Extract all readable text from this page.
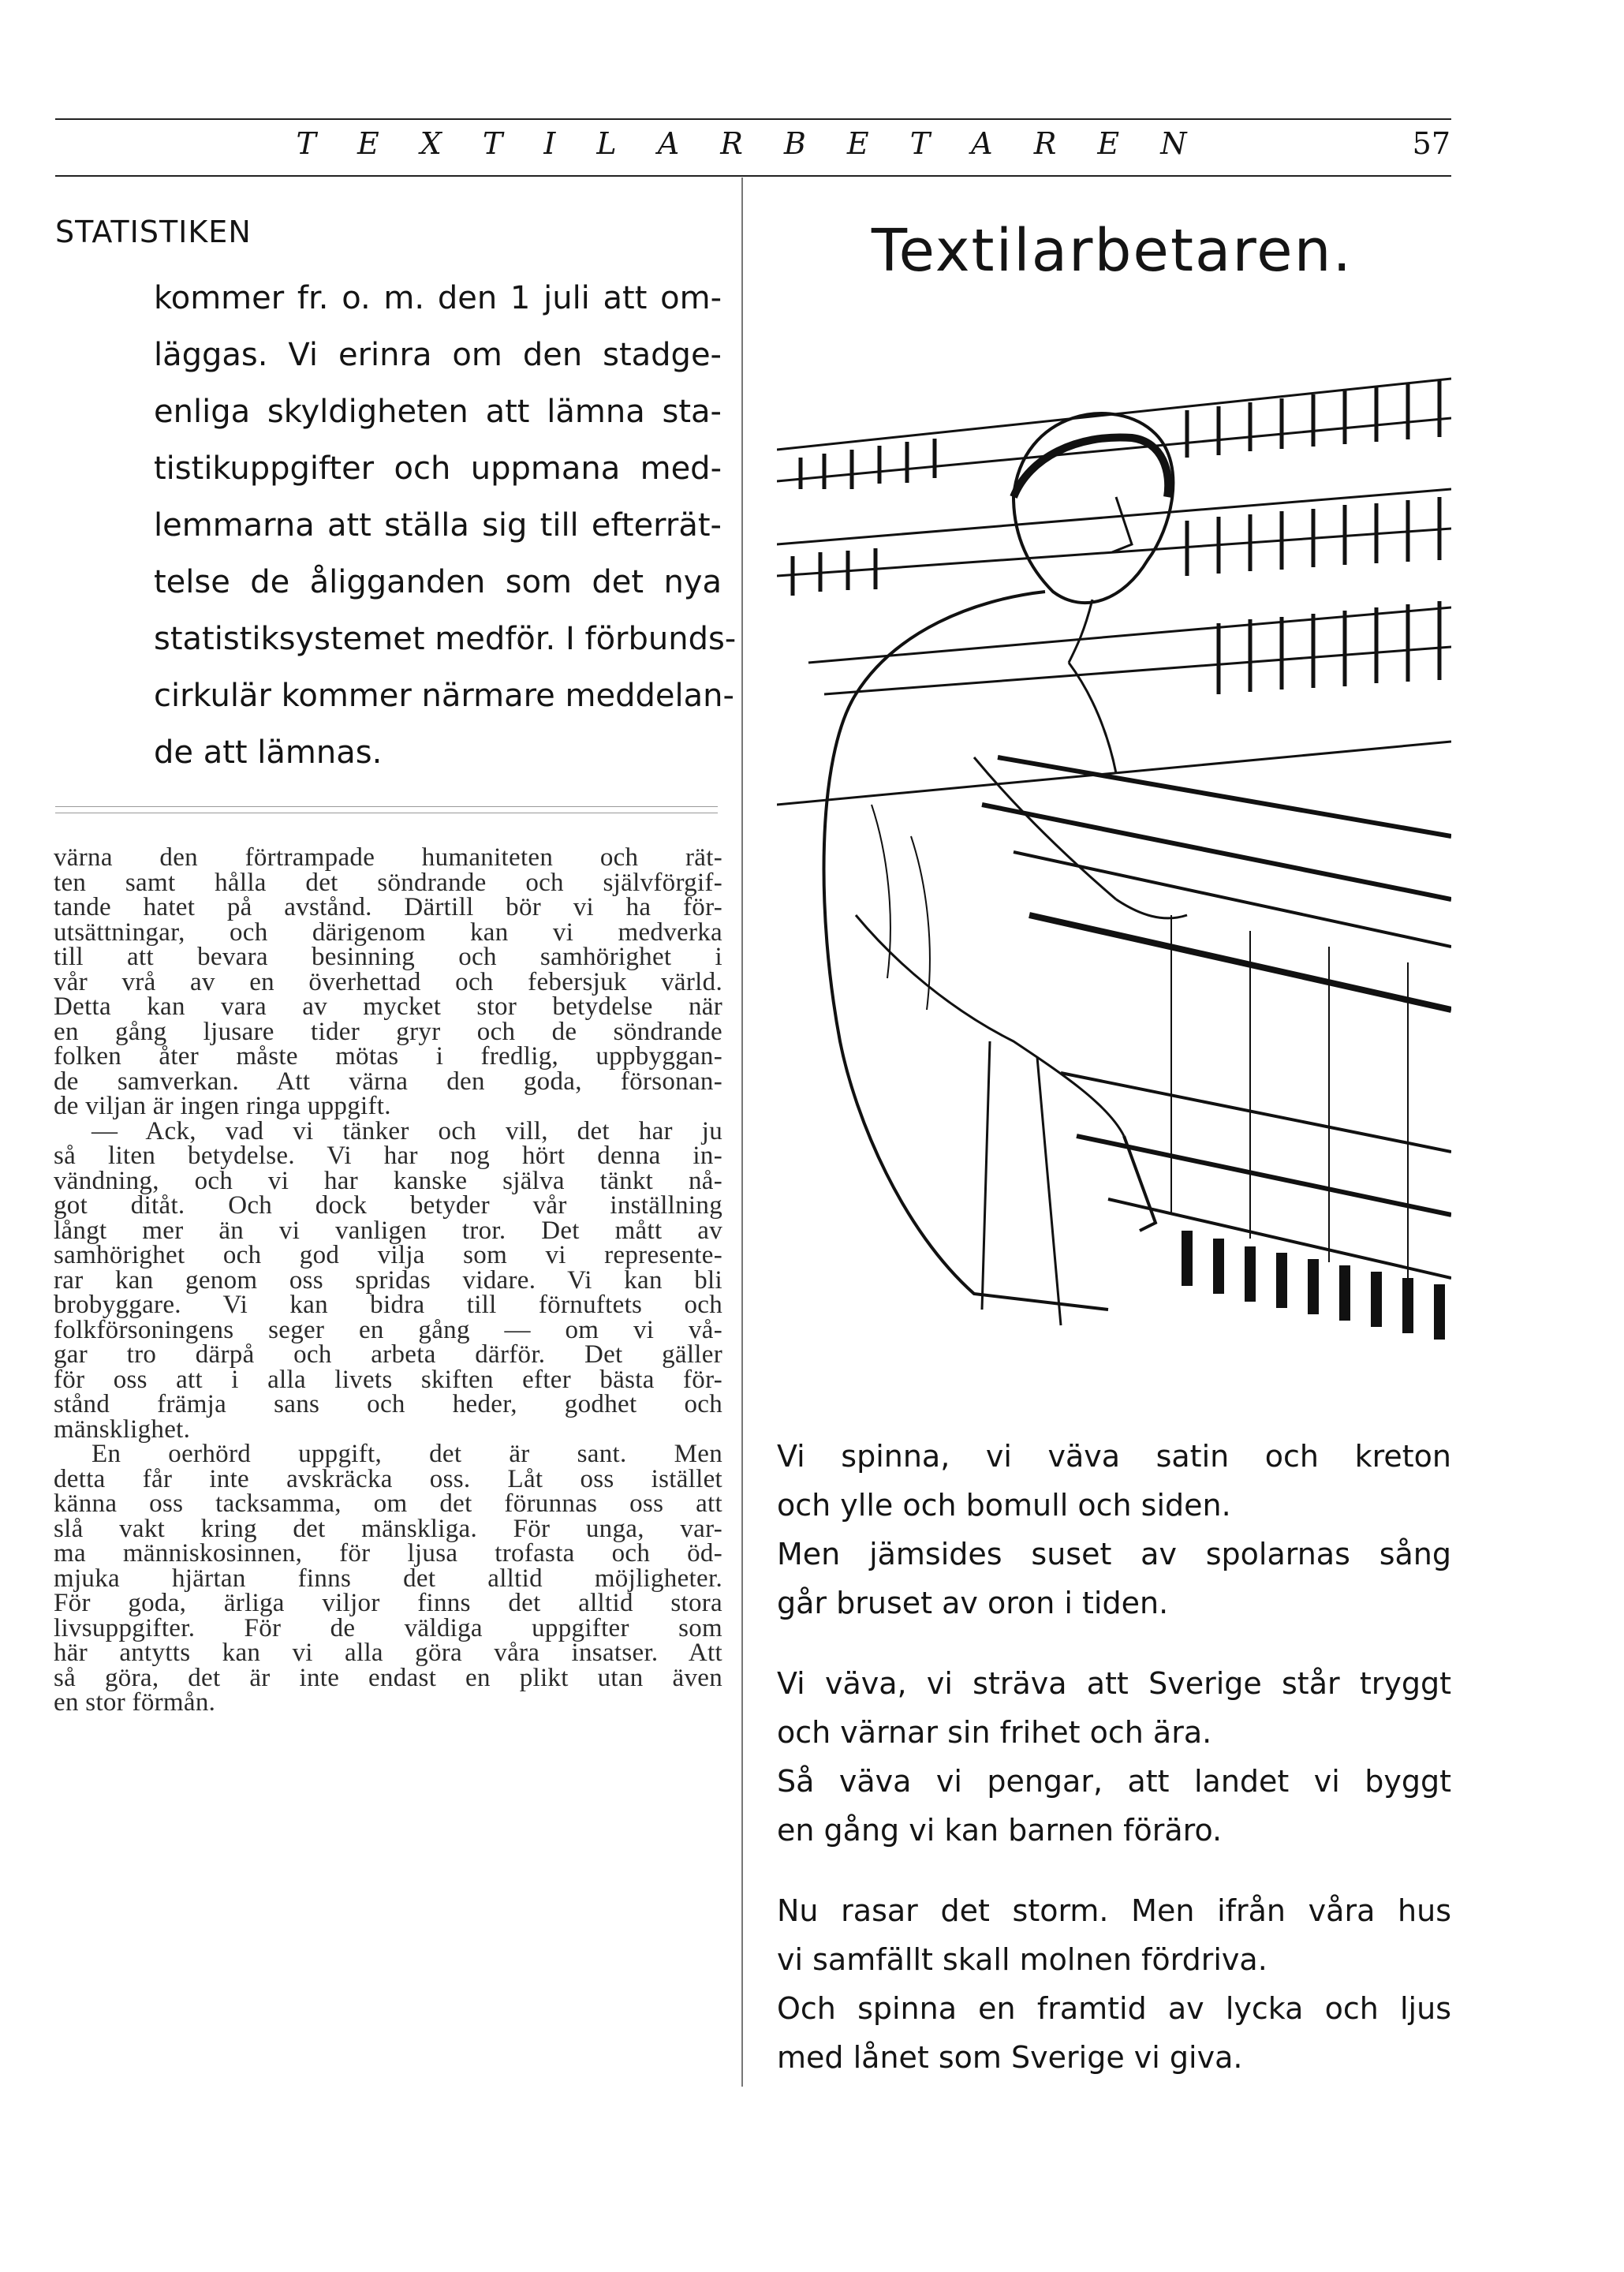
T E X T I L A R B E T A R E N	57
STATISTIKEN
kommer fr. o. m. den 1 juli att om-
läggas. Vi erinra om den stadge-
enliga skyldigheten att lämna sta-
tistikuppgifter och uppmana med-
lemmarna att ställa sig till efterrät-
telse de åligganden som det nya
statistiksystemet medför. I förbunds-
cirkulär kommer närmare meddelan-
de att lämnas.
värna den förtrampade humaniteten och rät-
ten samt hålla det söndrande och självförgif-
tande hatet på avstånd. Därtill bör vi ha för-
utsättningar, och därigenom kan vi medverka
till att bevara besinning och samhörighet i
vår vrå av en överhettad och febersjuk värld.
Detta kan vara av mycket stor betydelse när
en gång ljusare tider gryr och de söndrande
folken åter måste mötas i fredlig, uppbyggan-
de samverkan. Att värna den goda, försonan-
de viljan är ingen ringa uppgift.
— Ack, vad vi tänker och vill, det har ju
så liten betydelse. Vi har nog hört denna in-
vändning, och vi har kanske själva tänkt nå-
got ditåt. Och dock betyder vår inställning
långt mer än vi vanligen tror. Det mått av
samhörighet och god vilja som vi represente-
rar kan genom oss spridas vidare. Vi kan bli
brobyggare. Vi kan bidra till förnuftets och
folkförsoningens seger en gång — om vi vå-
gar tro därpå och arbeta därför. Det gäller
för oss att i alla livets skiften efter bästa för-
stånd främja sans och heder, godhet och
mänsklighet.
En oerhörd uppgift, det är sant. Men
detta får inte avskräcka oss. Låt oss istället
känna oss tacksamma, om det förunnas oss att
slå vakt kring det mänskliga. För unga, var-
ma människosinnen, för ljusa trofasta och öd-
mjuka hjärtan finns det alltid möjligheter.
För goda, ärliga viljor finns det alltid stora
livsuppgifter. För de väldiga uppgifter som
här antytts kan vi alla göra våra insatser. Att
så göra, det är inte endast en plikt utan även
en stor förmån.
Textilarbetaren.
Vi spinna, vi väva satin och kreton
och ylle och bomull och siden.
Men jämsides suset av spolarnas sång
går bruset av oron i tiden.
Vi väva, vi sträva att Sverige står tryggt
och värnar sin frihet och ära.
Så väva vi pengar, att landet vi byggt
en gång vi kan barnen föräro.
Nu rasar det storm. Men ifrån våra hus
vi samfällt skall molnen fördriva.
Och spinna en framtid av lycka och ljus
med lånet som Sverige vi giva.
